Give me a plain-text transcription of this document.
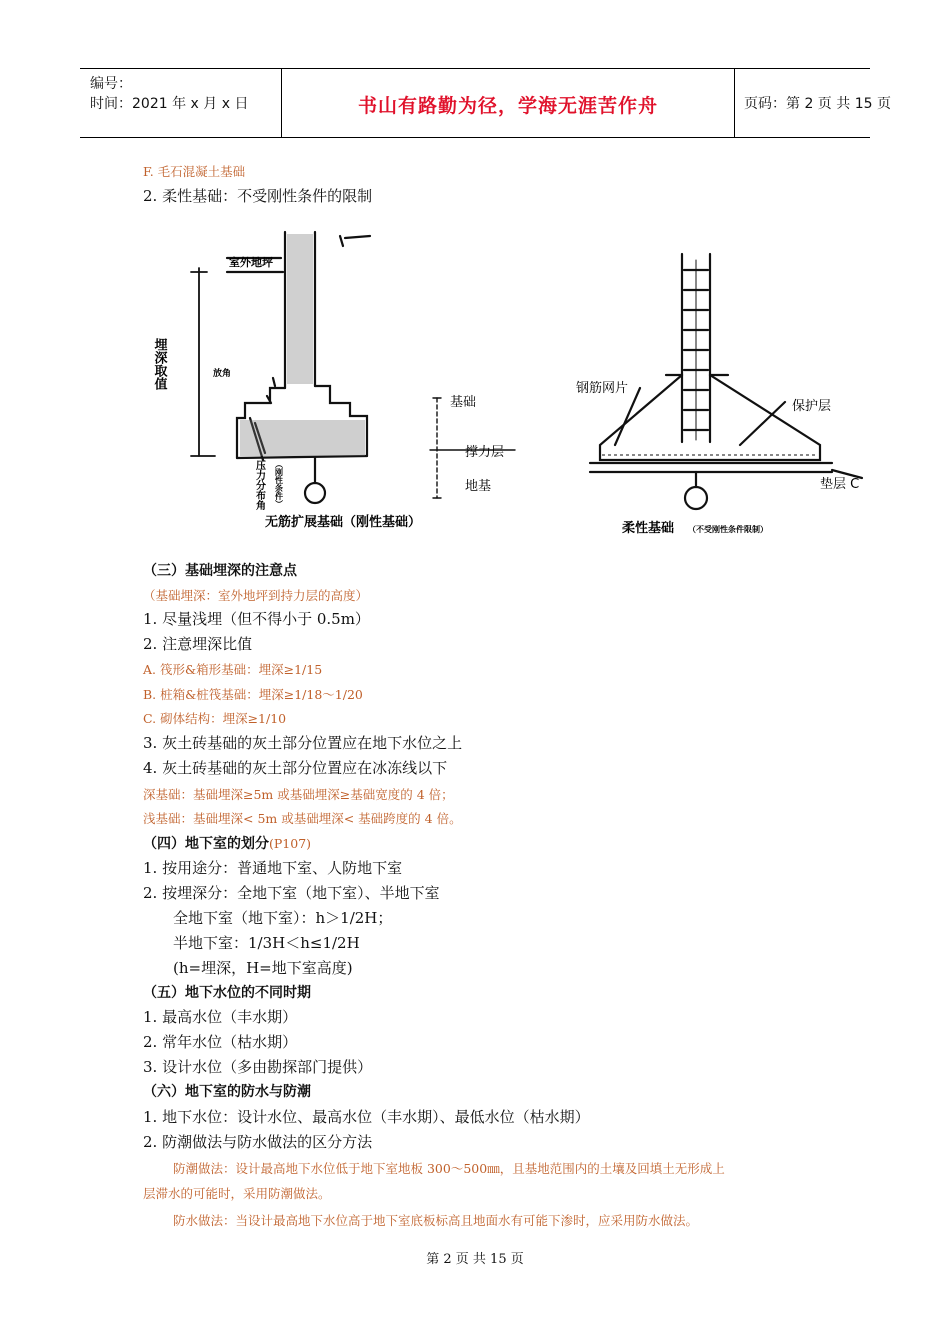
编号：
时间：2021 年 x 月 x 日	书山有路勤为径，学海无涯苦作舟	页码：第 2 页 共 15 页
F. 毛石混凝土基础
2. 柔性基础：不受刚性条件的限制
室外地坪
埋深取值	放角
压力分布角 （刚性条件）
基础
撑力层
地基
无筋扩展基础（刚性基础）
钢筋网片
保护层
垫层 C
柔性基础 （不受刚性条件限制）
（三）基础埋深的注意点
（基础埋深：室外地坪到持力层的高度）
1. 尽量浅埋（但不得小于 0.5m）
2. 注意埋深比值
A. 筏形&箱形基础：埋深≥1/15
B. 桩箱&桩筏基础：埋深≥1/18～1/20
C. 砌体结构：埋深≥1/10
3. 灰土砖基础的灰土部分位置应在地下水位之上
4. 灰土砖基础的灰土部分位置应在冰冻线以下
深基础：基础埋深≥5m 或基础埋深≥基础宽度的 4 倍；
浅基础：基础埋深< 5m 或基础埋深< 基础跨度的 4 倍。
（四）地下室的划分(P107)
1. 按用途分：普通地下室、人防地下室
2. 按埋深分：全地下室（地下室）、半地下室
全地下室（地下室）：h＞1/2H；
半地下室：1/3H＜h≤1/2H
(h=埋深，H=地下室高度)
（五）地下水位的不同时期
1. 最高水位（丰水期）
2. 常年水位（枯水期）
3. 设计水位（多由勘探部门提供）
（六）地下室的防水与防潮
1. 地下水位：设计水位、最高水位（丰水期）、最低水位（枯水期）
2. 防潮做法与防水做法的区分方法
防潮做法：设计最高地下水位低于地下室地板 300～500㎜，且基地范围内的土壤及回填土无形成上
层滞水的可能时，采用防潮做法。
防水做法：当设计最高地下水位高于地下室底板标高且地面水有可能下渗时，应采用防水做法。
第 2 页 共 15 页
